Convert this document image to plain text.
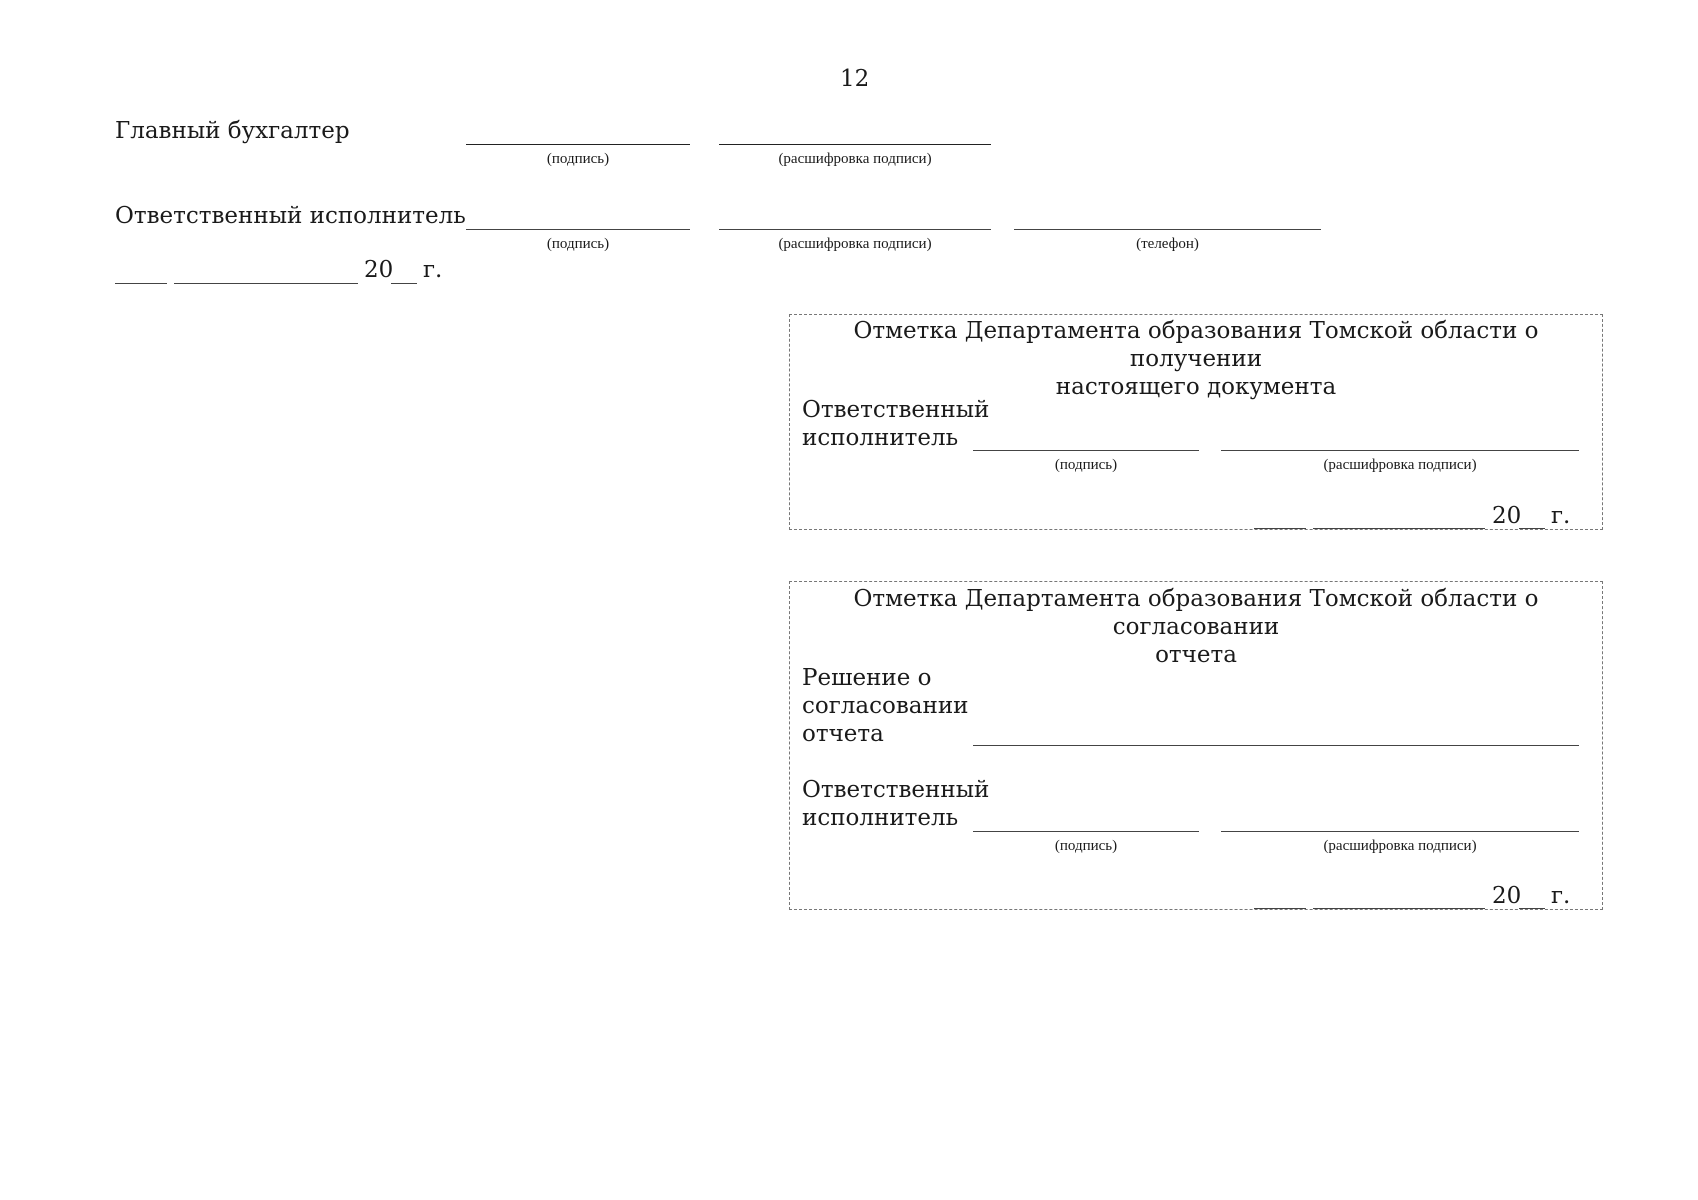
12
Главный бухгалтер
(подпись)	(расшифровка подписи)
Ответственный исполнитель
(подпись)	(расшифровка подписи)	(телефон)
20 г.
Отметка Департамента образования Томской области о получении
настоящего документа
Ответственный
исполнитель
(подпись)	(расшифровка подписи)
20 г.
Отметка Департамента образования Томской области о согласовании
отчета
Решение о
согласовании
отчета
Ответственный
исполнитель
(подпись)	(расшифровка подписи)
20 г.
